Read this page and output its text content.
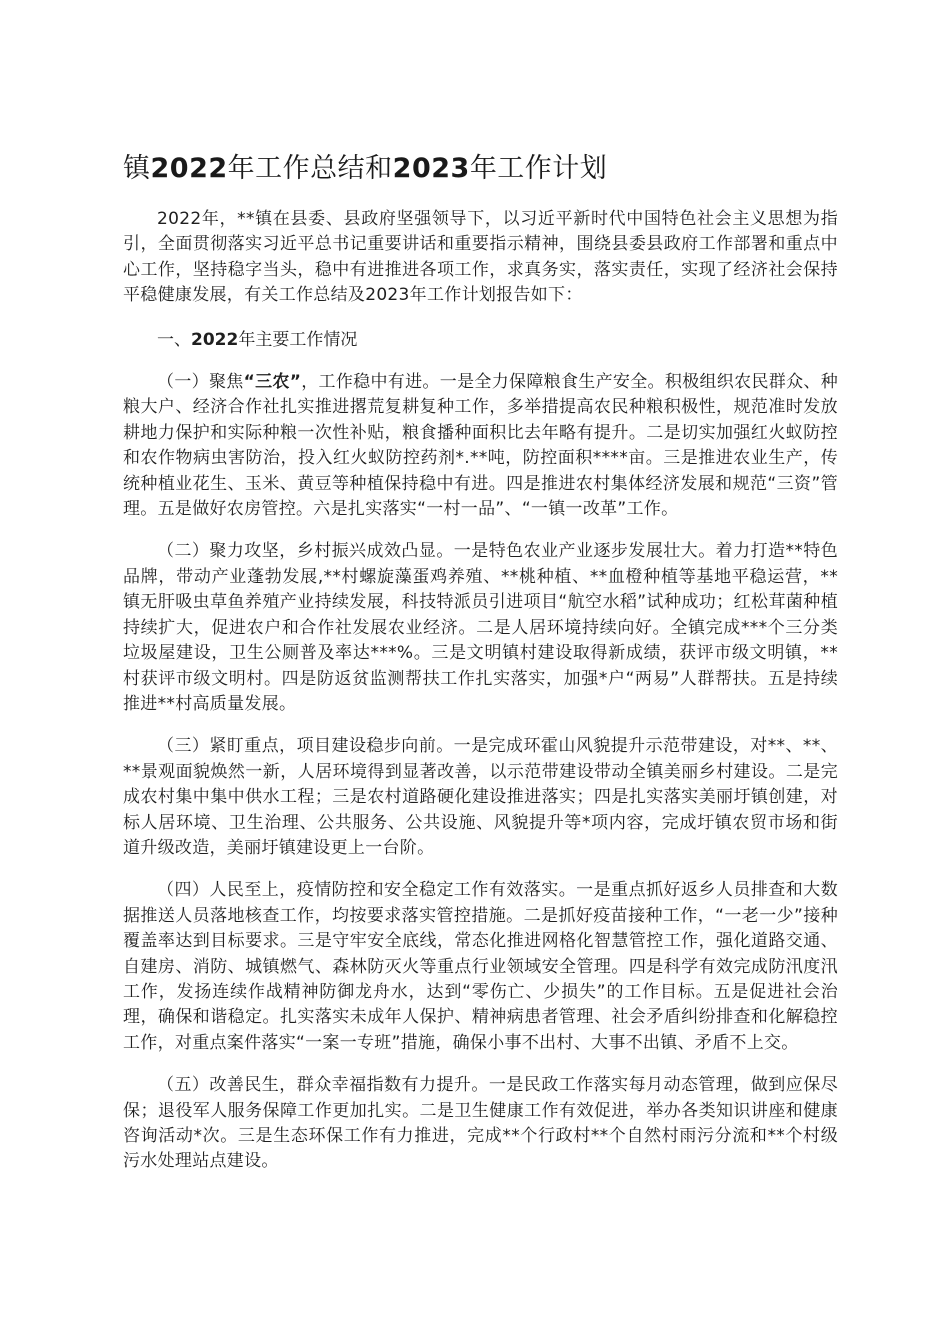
镇2022年工作总结和2023年工作计划

2022年，**镇在县委、县政府坚强领导下，以习近平新时代中国特色社会主义思想为指引，全面贯彻落实习近平总书记重要讲话和重要指示精神，围绕县委县政府工作部署和重点中心工作，坚持稳字当头，稳中有进推进各项工作，求真务实，落实责任，实现了经济社会保持平稳健康发展，有关工作总结及2023年工作计划报告如下：

一、2022年主要工作情况

（一）聚焦“三农”，工作稳中有进。一是全力保障粮食生产安全。积极组织农民群众、种粮大户、经济合作社扎实推进撂荒复耕复种工作，多举措提高农民种粮积极性，规范准时发放耕地力保护和实际种粮一次性补贴，粮食播种面积比去年略有提升。二是切实加强红火蚁防控和农作物病虫害防治，投入红火蚁防控药剂*.**吨，防控面积****亩。三是推进农业生产，传统种植业花生、玉米、黄豆等种植保持稳中有进。四是推进农村集体经济发展和规范“三资”管理。五是做好农房管控。六是扎实落实“一村一品”、“一镇一改革”工作。

（二）聚力攻坚，乡村振兴成效凸显。一是特色农业产业逐步发展壮大。着力打造**特色品牌，带动产业蓬勃发展,**村螺旋藻蛋鸡养殖、**桃种植、**血橙种植等基地平稳运营，**镇无肝吸虫草鱼养殖产业持续发展，科技特派员引进项目“航空水稻”试种成功；红松茸菌种植持续扩大，促进农户和合作社发展农业经济。二是人居环境持续向好。全镇完成***个三分类垃圾屋建设，卫生公厕普及率达***%。三是文明镇村建设取得新成绩，获评市级文明镇，**村获评市级文明村。四是防返贫监测帮扶工作扎实落实，加强*户“两易”人群帮扶。五是持续推进**村高质量发展。

（三）紧盯重点，项目建设稳步向前。一是完成环霍山风貌提升示范带建设，对**、**、**景观面貌焕然一新，人居环境得到显著改善，以示范带建设带动全镇美丽乡村建设。二是完成农村集中集中供水工程；三是农村道路硬化建设推进落实；四是扎实落实美丽圩镇创建，对标人居环境、卫生治理、公共服务、公共设施、风貌提升等*项内容，完成圩镇农贸市场和街道升级改造，美丽圩镇建设更上一台阶。

（四）人民至上，疫情防控和安全稳定工作有效落实。一是重点抓好返乡人员排查和大数据推送人员落地核查工作，均按要求落实管控措施。二是抓好疫苗接种工作，“一老一少”接种覆盖率达到目标要求。三是守牢安全底线，常态化推进网格化智慧管控工作，强化道路交通、自建房、消防、城镇燃气、森林防灭火等重点行业领域安全管理。四是科学有效完成防汛度汛工作，发扬连续作战精神防御龙舟水，达到“零伤亡、少损失”的工作目标。五是促进社会治理，确保和谐稳定。扎实落实未成年人保护、精神病患者管理、社会矛盾纠纷排查和化解稳控工作，对重点案件落实“一案一专班”措施，确保小事不出村、大事不出镇、矛盾不上交。

（五）改善民生，群众幸福指数有力提升。一是民政工作落实每月动态管理，做到应保尽保；退役军人服务保障工作更加扎实。二是卫生健康工作有效促进，举办各类知识讲座和健康咨询活动*次。三是生态环保工作有力推进，完成**个行政村**个自然村雨污分流和**个村级污水处理站点建设。
